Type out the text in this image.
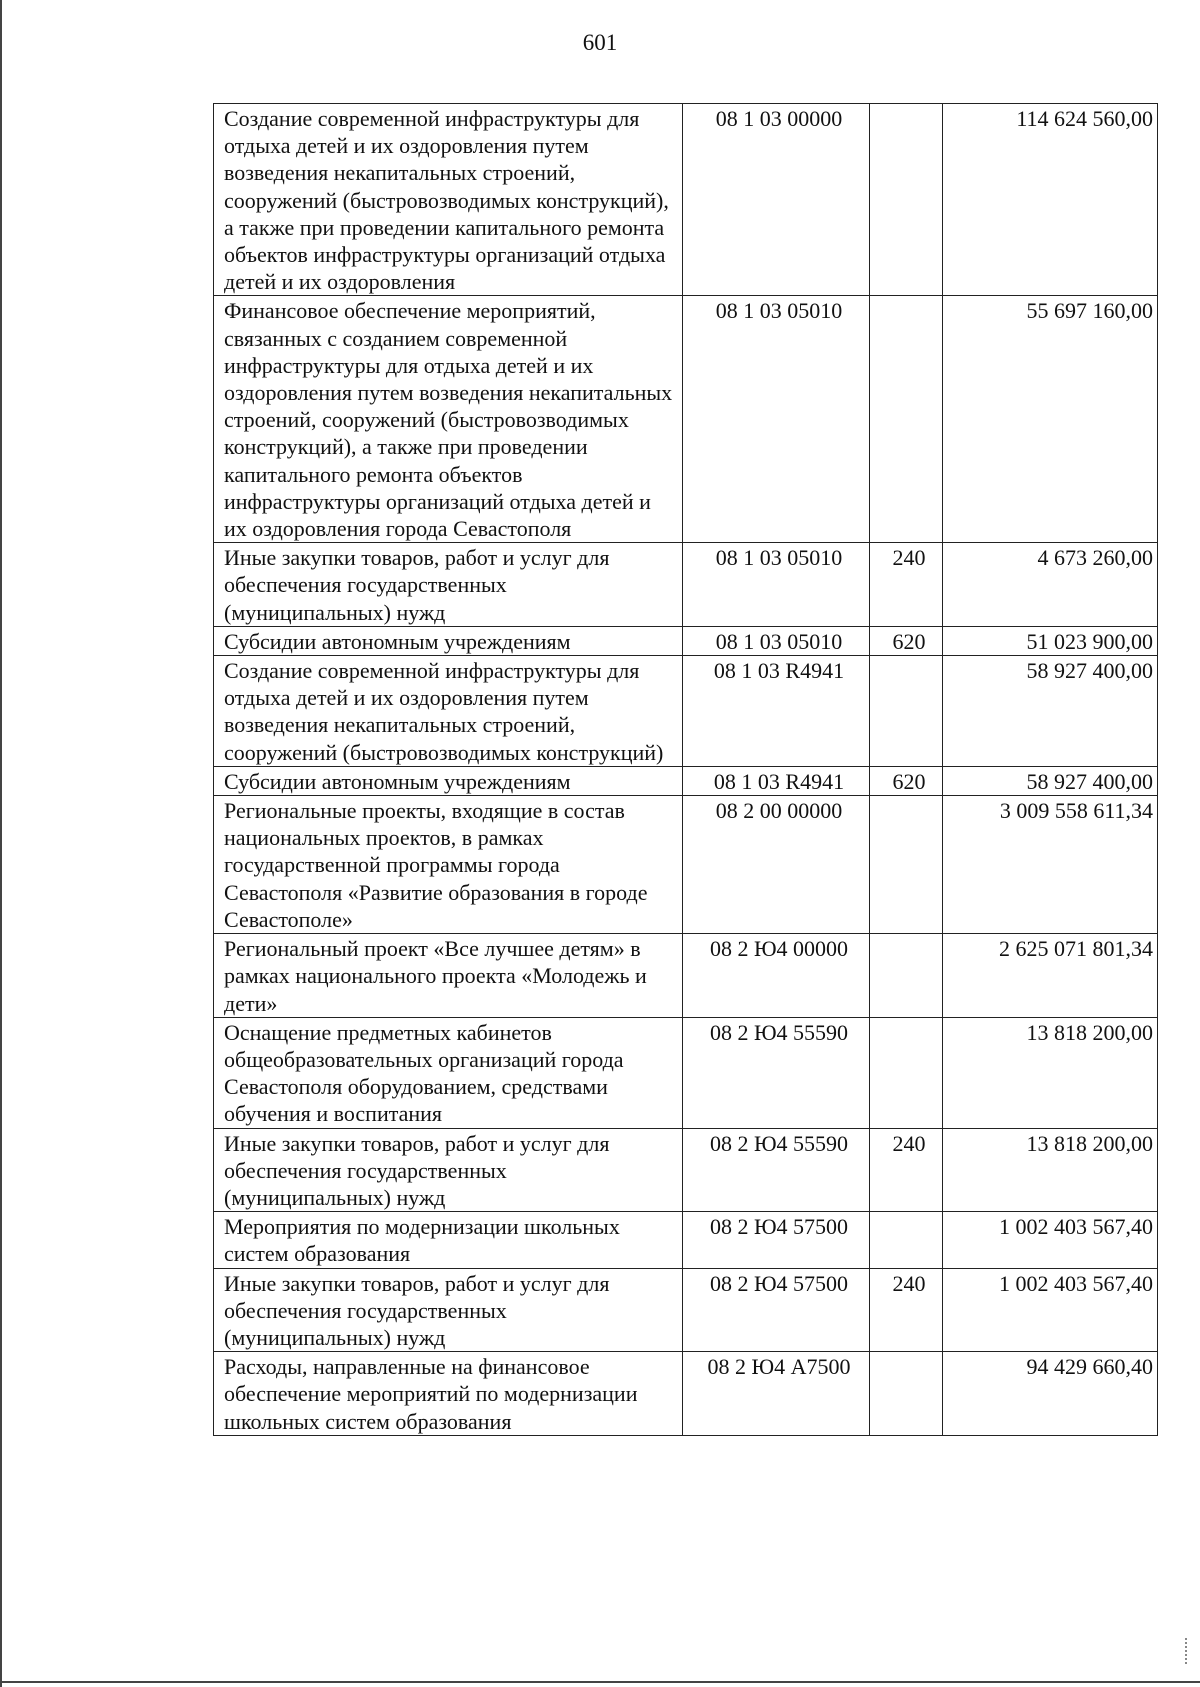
601
Создание современной инфраструктуры для отдыха детей и их оздоровления путем возведения некапитальных строений, сооружений (быстровозводимых конструкций), а также при проведении капитального ремонта объектов инфраструктуры организаций отдыха детей и их оздоровления	08 1 03 00000		114 624 560,00
Финансовое обеспечение мероприятий, связанных с созданием современной инфраструктуры для отдыха детей и их оздоровления путем возведения некапитальных строений, сооружений (быстровозводимых конструкций), а также при проведении капитального ремонта объектов инфраструктуры организаций отдыха детей и их оздоровления города Севастополя	08 1 03 05010		55 697 160,00
Иные закупки товаров, работ и услуг для обеспечения государственных (муниципальных) нужд	08 1 03 05010	240	4 673 260,00
Субсидии автономным учреждениям	08 1 03 05010	620	51 023 900,00
Создание современной инфраструктуры для отдыха детей и их оздоровления путем возведения некапитальных строений, сооружений (быстровозводимых конструкций)	08 1 03 R4941		58 927 400,00
Субсидии автономным учреждениям	08 1 03 R4941	620	58 927 400,00
Региональные проекты, входящие в состав национальных проектов, в рамках государственной программы города Севастополя «Развитие образования в городе Севастополе»	08 2 00 00000		3 009 558 611,34
Региональный проект «Все лучшее детям» в рамках национального проекта «Молодежь и дети»	08 2 Ю4 00000		2 625 071 801,34
Оснащение предметных кабинетов общеобразовательных организаций города Севастополя оборудованием, средствами обучения и воспитания	08 2 Ю4 55590		13 818 200,00
Иные закупки товаров, работ и услуг для обеспечения государственных (муниципальных) нужд	08 2 Ю4 55590	240	13 818 200,00
Мероприятия по модернизации школьных систем образования	08 2 Ю4 57500		1 002 403 567,40
Иные закупки товаров, работ и услуг для обеспечения государственных (муниципальных) нужд	08 2 Ю4 57500	240	1 002 403 567,40
Расходы, направленные на финансовое обеспечение мероприятий по модернизации школьных систем образования	08 2 Ю4 А7500		94 429 660,40
